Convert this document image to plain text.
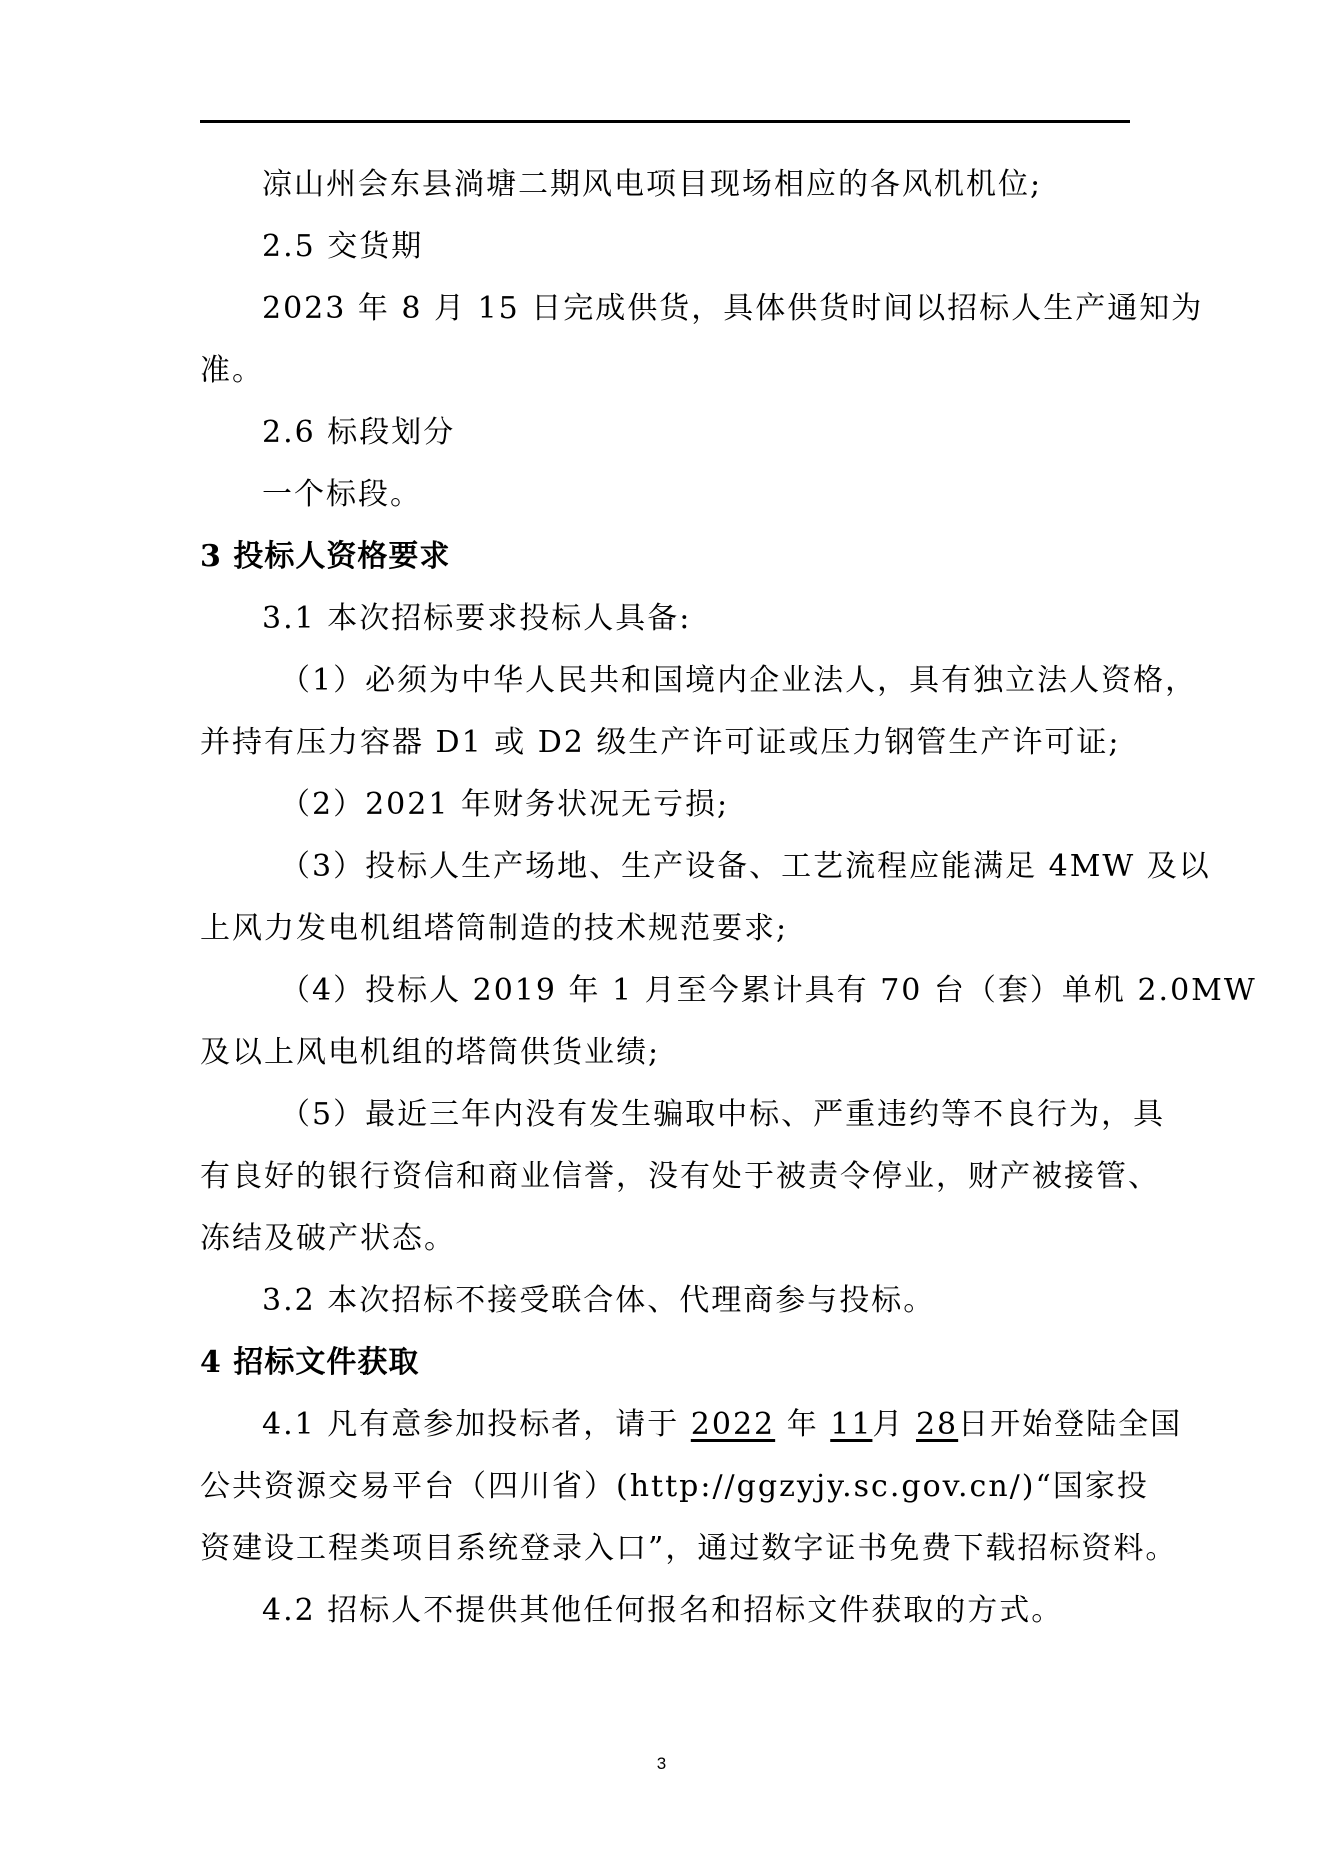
凉山州会东县淌塘二期风电项目现场相应的各风机机位;

2.5 交货期

2023 年 8 月 15 日完成供货，具体供货时间以招标人生产通知为

准。

2.6 标段划分

一个标段。

3 投标人资格要求

3.1 本次招标要求投标人具备:

（1）必须为中华人民共和国境内企业法人，具有独立法人资格，

并持有压力容器 D1 或 D2 级生产许可证或压力钢管生产许可证;

（2）2021 年财务状况无亏损;

（3）投标人生产场地、生产设备、工艺流程应能满足 4MW 及以

上风力发电机组塔筒制造的技术规范要求;

（4）投标人 2019 年 1 月至今累计具有 70 台（套）单机 2.0MW

及以上风电机组的塔筒供货业绩;

（5）最近三年内没有发生骗取中标、严重违约等不良行为，具

有良好的银行资信和商业信誉，没有处于被责令停业，财产被接管、

冻结及破产状态。

3.2 本次招标不接受联合体、代理商参与投标。

4 招标文件获取

4.1 凡有意参加投标者，请于 2022 年 11月 28日开始登陆全国

公共资源交易平台（四川省）(http://ggzyjy.sc.gov.cn/)“国家投

资建设工程类项目系统登录入口”，通过数字证书免费下载招标资料。

4.2 招标人不提供其他任何报名和招标文件获取的方式。

3
